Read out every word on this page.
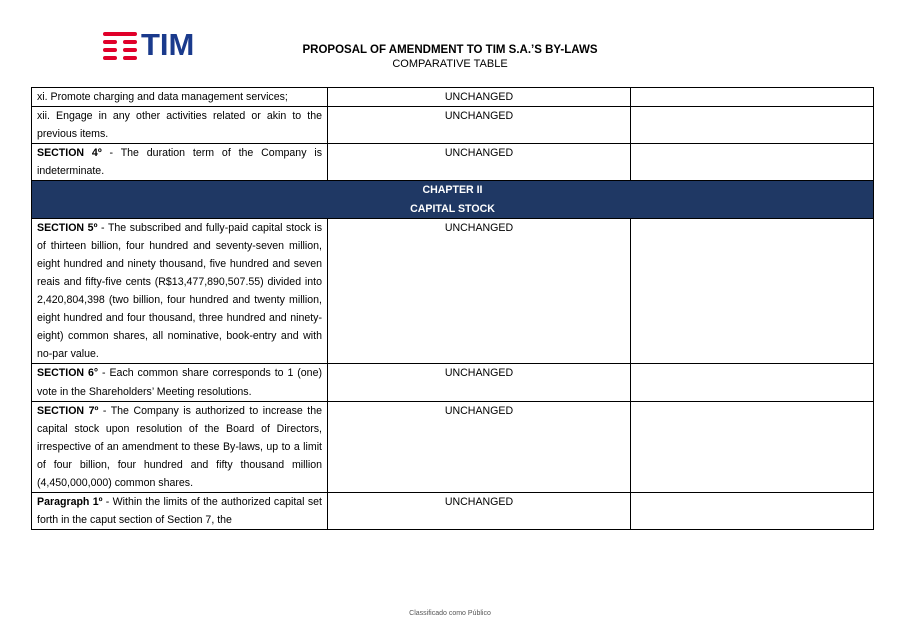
TIM	PROPOSAL OF AMENDMENT TO TIM S.A.’S BY-LAWS
COMPARATIVE TABLE
xi. Promote charging and data management services;	UNCHANGED	
xii. Engage in any other activities related or akin to the previous items.	UNCHANGED	
SECTION 4º - The duration term of the Company is indeterminate.	UNCHANGED	

CHAPTER II
CAPITAL STOCK		

SECTION 5º - The subscribed and fully-paid capital stock is of thirteen billion, four hundred and seventy-seven million, eight hundred and ninety thousand, five hundred and seven reais and fifty-five cents (R$13,477,890,507.55) divided into 2,420,804,398 (two billion, four hundred and twenty million, eight hundred and four thousand, three hundred and ninety-eight) common shares, all nominative, book-entry and with no-par value.	UNCHANGED	
SECTION 6° - Each common share corresponds to 1 (one) vote in the Shareholders’ Meeting resolutions.	UNCHANGED	
SECTION 7º - The Company is authorized to increase the capital stock upon resolution of the Board of Directors, irrespective of an amendment to these By-laws, up to a limit of four billion, four hundred and fifty thousand million (4,450,000,000) common shares.	UNCHANGED	
Paragraph 1º - Within the limits of the authorized capital set forth in the caput section of Section 7, the	UNCHANGED	
Classificado como Público
